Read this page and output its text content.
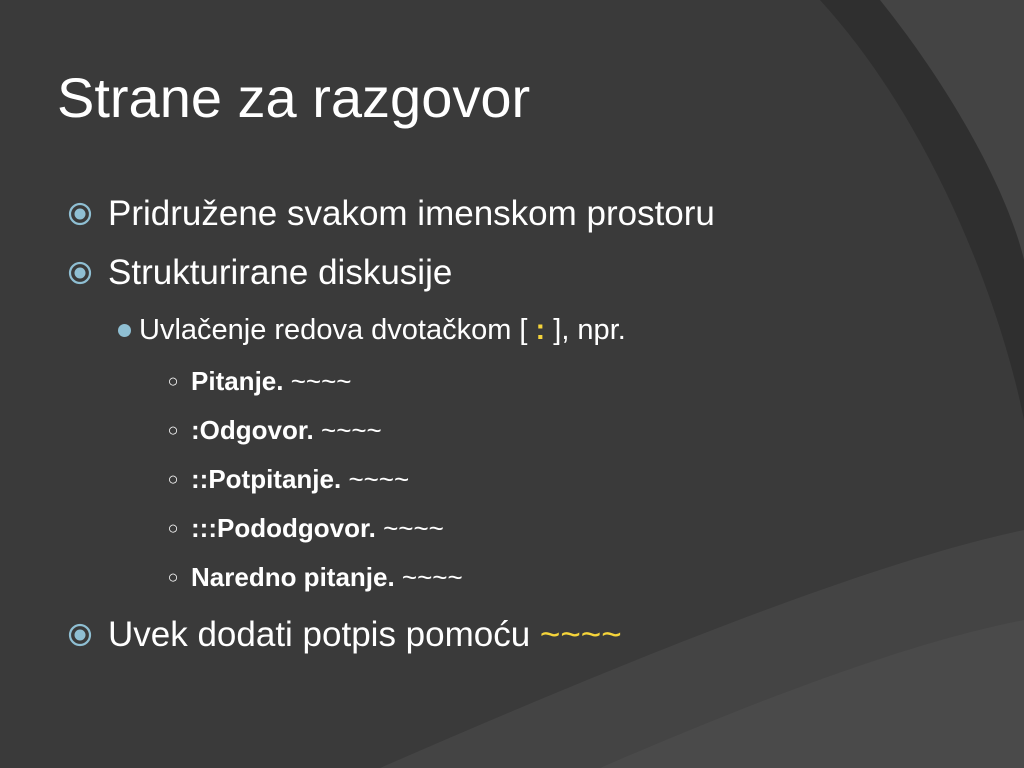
Strane za razgovor
Pridružene svakom imenskom prostoru
Strukturirane diskusije
Uvlačenje redova dvotačkom [ : ], npr.
○ Pitanje. ~~~~
○ :Odgovor. ~~~~
○ ::Potpitanje. ~~~~
○ :::Pododgovor. ~~~~
○ Naredno pitanje. ~~~~
Uvek dodati potpis pomoću ~~~~
